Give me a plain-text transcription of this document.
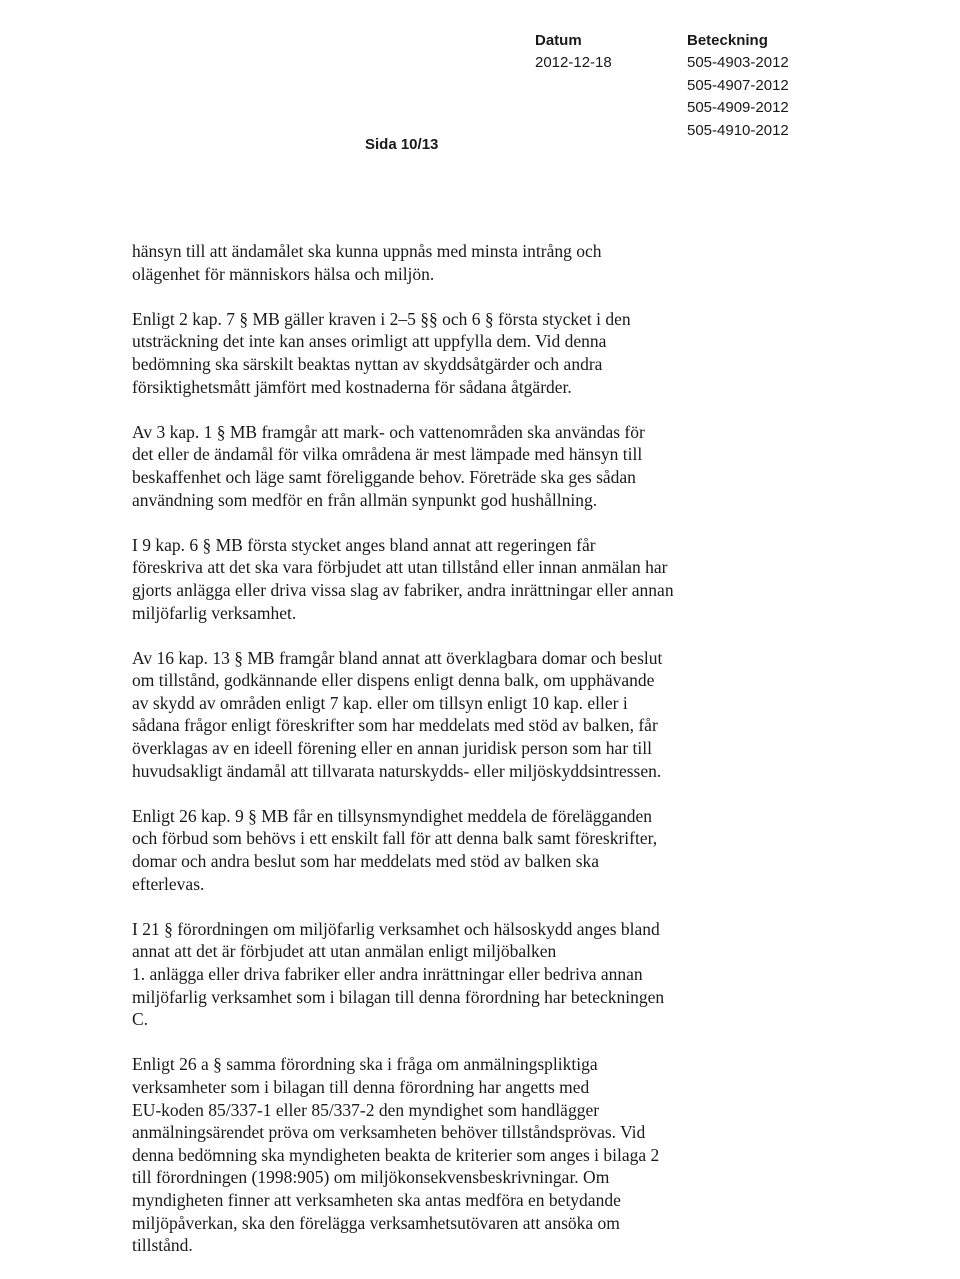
Datum
2012-12-18
Beteckning
505-4903-2012
505-4907-2012
505-4909-2012
505-4910-2012
Sida 10/13

hänsyn till att ändamålet ska kunna uppnås med minsta intrång och
olägenhet för människors hälsa och miljön.

Enligt 2 kap. 7 § MB gäller kraven i 2–5 §§ och 6 § första stycket i den
utsträckning det inte kan anses orimligt att uppfylla dem. Vid denna
bedömning ska särskilt beaktas nyttan av skyddsåtgärder och andra
försiktighetsmått jämfört med kostnaderna för sådana åtgärder.

Av 3 kap. 1 § MB framgår att mark- och vattenområden ska användas för
det eller de ändamål för vilka områdena är mest lämpade med hänsyn till
beskaffenhet och läge samt föreliggande behov. Företräde ska ges sådan
användning som medför en från allmän synpunkt god hushållning.

I 9 kap. 6 § MB första stycket anges bland annat att regeringen får
föreskriva att det ska vara förbjudet att utan tillstånd eller innan anmälan har
gjorts anlägga eller driva vissa slag av fabriker, andra inrättningar eller annan
miljöfarlig verksamhet.

Av 16 kap. 13 § MB framgår bland annat att överklagbara domar och beslut
om tillstånd, godkännande eller dispens enligt denna balk, om upphävande
av skydd av områden enligt 7 kap. eller om tillsyn enligt 10 kap. eller i
sådana frågor enligt föreskrifter som har meddelats med stöd av balken, får
överklagas av en ideell förening eller en annan juridisk person som har till
huvudsakligt ändamål att tillvarata naturskydds- eller miljöskyddsintressen.

Enligt 26 kap. 9 § MB får en tillsynsmyndighet meddela de förelägganden
och förbud som behövs i ett enskilt fall för att denna balk samt föreskrifter,
domar och andra beslut som har meddelats med stöd av balken ska
efterlevas.

I 21 § förordningen om miljöfarlig verksamhet och hälsoskydd anges bland
annat att det är förbjudet att utan anmälan enligt miljöbalken
1. anlägga eller driva fabriker eller andra inrättningar eller bedriva annan
miljöfarlig verksamhet som i bilagan till denna förordning har beteckningen
C.

Enligt 26 a § samma förordning ska i fråga om anmälningspliktiga
verksamheter som i bilagan till denna förordning har angetts med
EU-koden 85/337-1 eller 85/337-2 den myndighet som handlägger
anmälningsärendet pröva om verksamheten behöver tillståndsprövas. Vid
denna bedömning ska myndigheten beakta de kriterier som anges i bilaga 2
till förordningen (1998:905) om miljökonsekvensbeskrivningar. Om
myndigheten finner att verksamheten ska antas medföra en betydande
miljöpåverkan, ska den förelägga verksamhetsutövaren att ansöka om
tillstånd.
